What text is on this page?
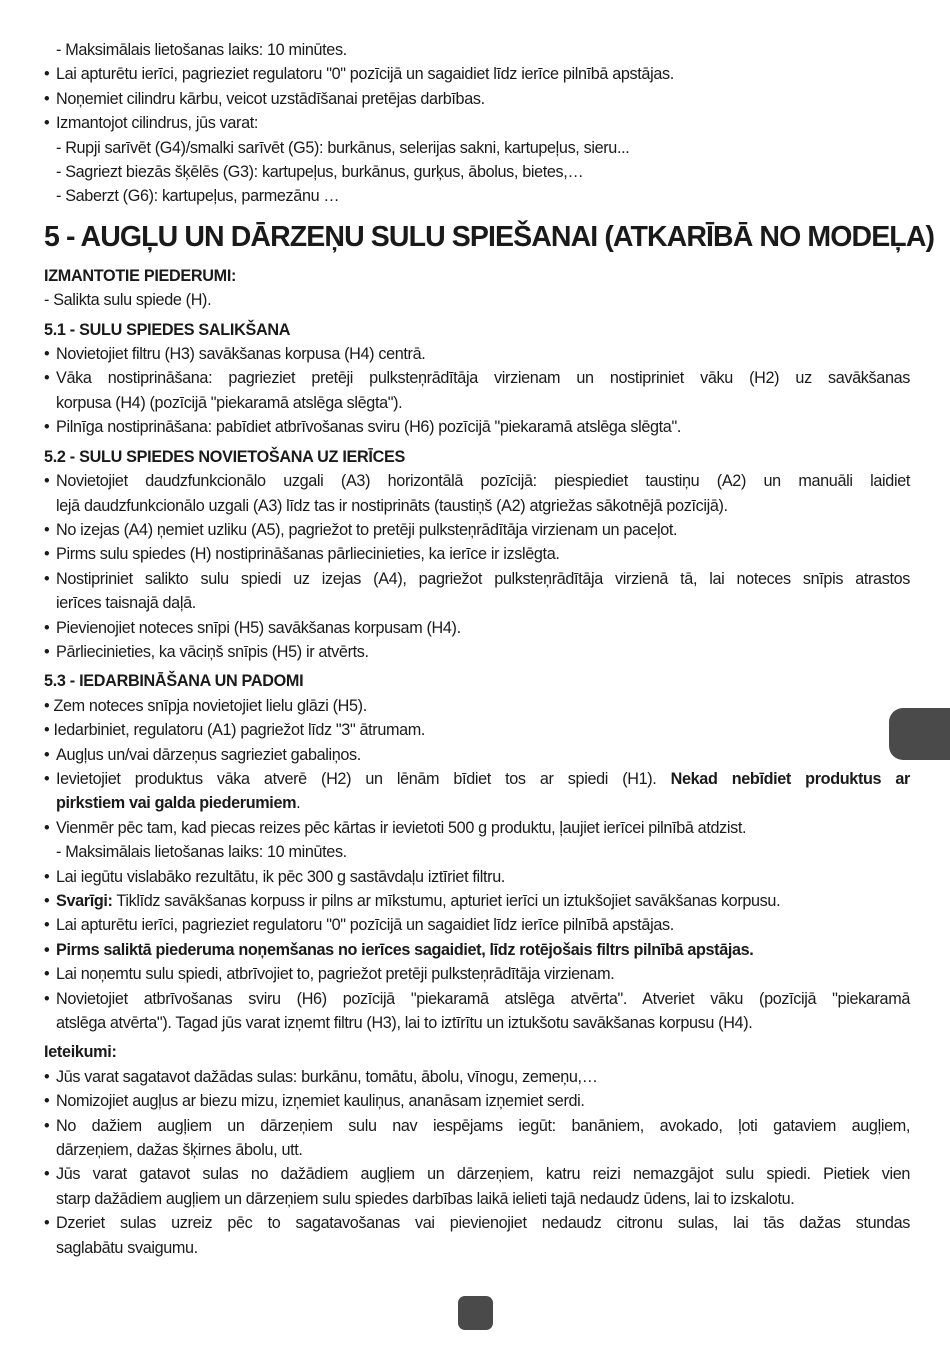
- Maksimālais lietošanas laiks: 10 minūtes.
• Lai apturētu ierīci, pagrieziet regulatoru "0" pozīcijā un sagaidiet līdz ierīce pilnībā apstājas.
• Noņemiet cilindru kārbu, veicot uzstādīšanai pretējas darbības.
• Izmantojot cilindrus, jūs varat:
- Rupji sarīvēt (G4)/smalki sarīvēt (G5): burkānus, selerijas sakni, kartupeļus, sieru...
- Sagriezt biezās šķēlēs (G3): kartupeļus, burkānus, gurķus, ābolus, bietes,…
- Saberzt (G6): kartupeļus, parmezānu …
5 - AUGĻU UN DĀRZEŅU SULU SPIEŠANAI (ATKARĪBĀ NO MODEĻA)
IZMANTOTIE PIEDERUMI:
- Salikta sulu spiede (H).
5.1 - SULU SPIEDES SALIKŠANA
• Novietojiet filtru (H3) savākšanas korpusa (H4) centrā.
• Vāka nostiprināšana: pagrieziet pretēji pulksteņrādītāja virzienam un nostipriniet vāku (H2) uz savākšanas
korpusa (H4) (pozīcijā "piekaramā atslēga slēgta").
• Pilnīga nostiprināšana: pabīdiet atbrīvošanas sviru (H6) pozīcijā "piekaramā atslēga slēgta".
5.2 - SULU SPIEDES NOVIETOŠANA UZ IERĪCES
• Novietojiet daudzfunkcionālo uzgali (A3) horizontālā pozīcijā: piespiediet taustiņu (A2) un manuāli laidiet
lejā daudzfunkcionālo uzgali (A3) līdz tas ir nostiprināts (taustiņš (A2) atgriežas sākotnējā pozīcijā).
• No izejas (A4) ņemiet uzliku (A5), pagriežot to pretēji pulksteņrādītāja virzienam un paceļot.
• Pirms sulu spiedes (H) nostiprināšanas pārliecinieties, ka ierīce ir izslēgta.
• Nostipriniet salikto sulu spiedi uz izejas (A4), pagriežot pulksteņrādītāja virzienā tā, lai noteces snīpis atrastos
ierīces taisnajā daļā.
• Pievienojiet noteces snīpi (H5) savākšanas korpusam (H4).
• Pārliecinieties, ka vāciņš snīpis (H5) ir atvērts.
5.3 - IEDARBINĀŠANA UN PADOMI
• Zem noteces snīpja novietojiet lielu glāzi (H5).
• Iedarbiniet, regulatoru (A1) pagriežot līdz "3" ātrumam.
• Augļus un/vai dārzeņus sagrieziet gabaliņos.
• Ievietojiet produktus vāka atverē (H2) un lēnām bīdiet tos ar spiedi (H1). Nekad nebīdiet produktus ar
pirkstiem vai galda piederumiem.
• Vienmēr pēc tam, kad piecas reizes pēc kārtas ir ievietoti 500 g produktu, ļaujiet ierīcei pilnībā atdzist.
- Maksimālais lietošanas laiks: 10 minūtes.
• Lai iegūtu vislabāko rezultātu, ik pēc 300 g sastāvdaļu iztīriet filtru.
• Svarīgi: Tiklīdz savākšanas korpuss ir pilns ar mīkstumu, apturiet ierīci un iztukšojiet savākšanas korpusu.
• Lai apturētu ierīci, pagrieziet regulatoru "0" pozīcijā un sagaidiet līdz ierīce pilnībā apstājas.
• Pirms saliktā piederuma noņemšanas no ierīces sagaidiet, līdz rotējošais filtrs pilnībā apstājas.
• Lai noņemtu sulu spiedi, atbrīvojiet to, pagriežot pretēji pulksteņrādītāja virzienam.
• Novietojiet atbrīvošanas sviru (H6) pozīcijā "piekaramā atslēga atvērta". Atveriet vāku (pozīcijā "piekaramā
atslēga atvērta"). Tagad jūs varat izņemt filtru (H3), lai to iztīrītu un iztukšotu savākšanas korpusu (H4).
Ieteikumi:
• Jūs varat sagatavot dažādas sulas: burkānu, tomātu, ābolu, vīnogu, zemeņu,…
• Nomizojiet augļus ar biezu mizu, izņemiet kauliņus, ananāsam izņemiet serdi.
• No dažiem augļiem un dārzeņiem sulu nav iespējams iegūt: banāniem, avokado, ļoti gataviem augļiem,
dārzeņiem, dažas šķirnes ābolu, utt.
• Jūs varat gatavot sulas no dažādiem augļiem un dārzeņiem, katru reizi nemazgājot sulu spiedi. Pietiek vien
starp dažādiem augļiem un dārzeņiem sulu spiedes darbības laikā ielieti tajā nedaudz ūdens, lai to izskalotu.
• Dzeriet sulas uzreiz pēc to sagatavošanas vai pievienojiet nedaudz citronu sulas, lai tās dažas stundas
saglabātu svaigumu.
